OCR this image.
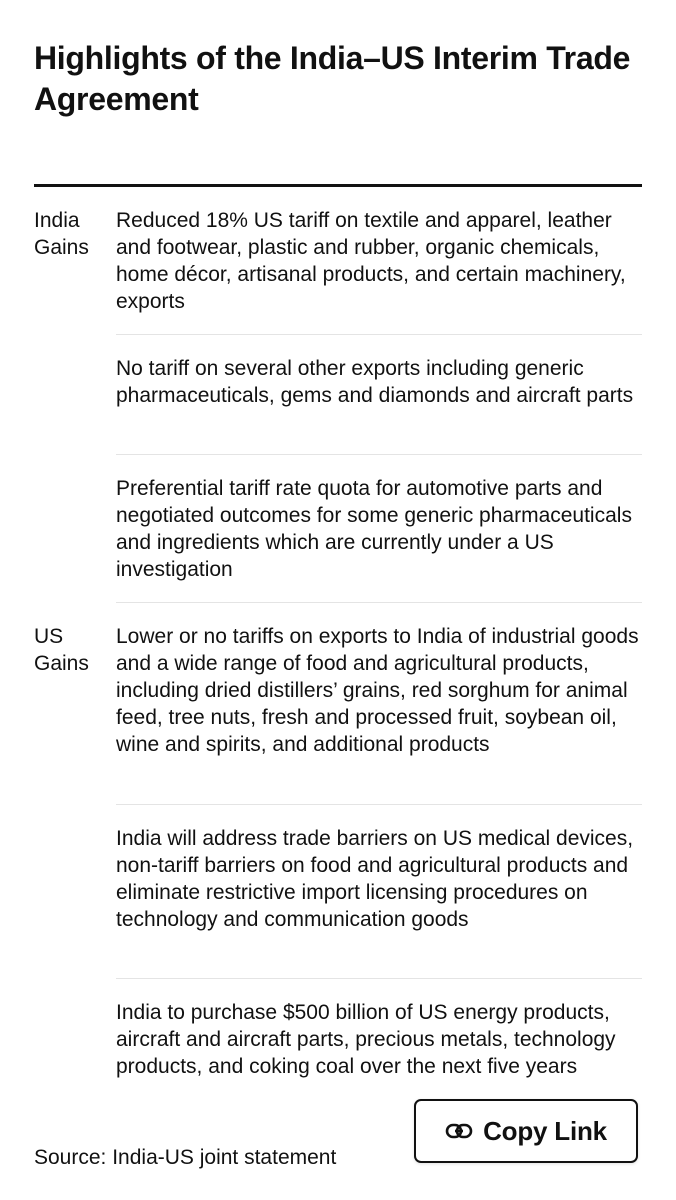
Highlights of the India–US Interim Trade Agreement
India
Gains
Reduced 18% US tariff on textile and apparel, leather and footwear, plastic and rubber, organic chemicals, home décor, artisanal products, and certain machinery, exports
No tariff on several other exports including generic pharmaceuticals, gems and diamonds and aircraft parts
Preferential tariff rate quota for automotive parts and negotiated outcomes for some generic pharmaceuticals and ingredients which are currently under a US investigation
US
Gains
Lower or no tariffs on exports to India of industrial goods and a wide range of food and agricultural products, including dried distillers’ grains, red sorghum for animal feed, tree nuts, fresh and processed fruit, soybean oil, wine and spirits, and additional products
India will address trade barriers on US medical devices, non-tariff barriers on food and agricultural products and eliminate restrictive import licensing procedures on technology and communication goods
India to purchase $500 billion of US energy products, aircraft and aircraft parts, precious metals, technology products, and coking coal over the next five years
Source: India-US joint statement
Copy Link
